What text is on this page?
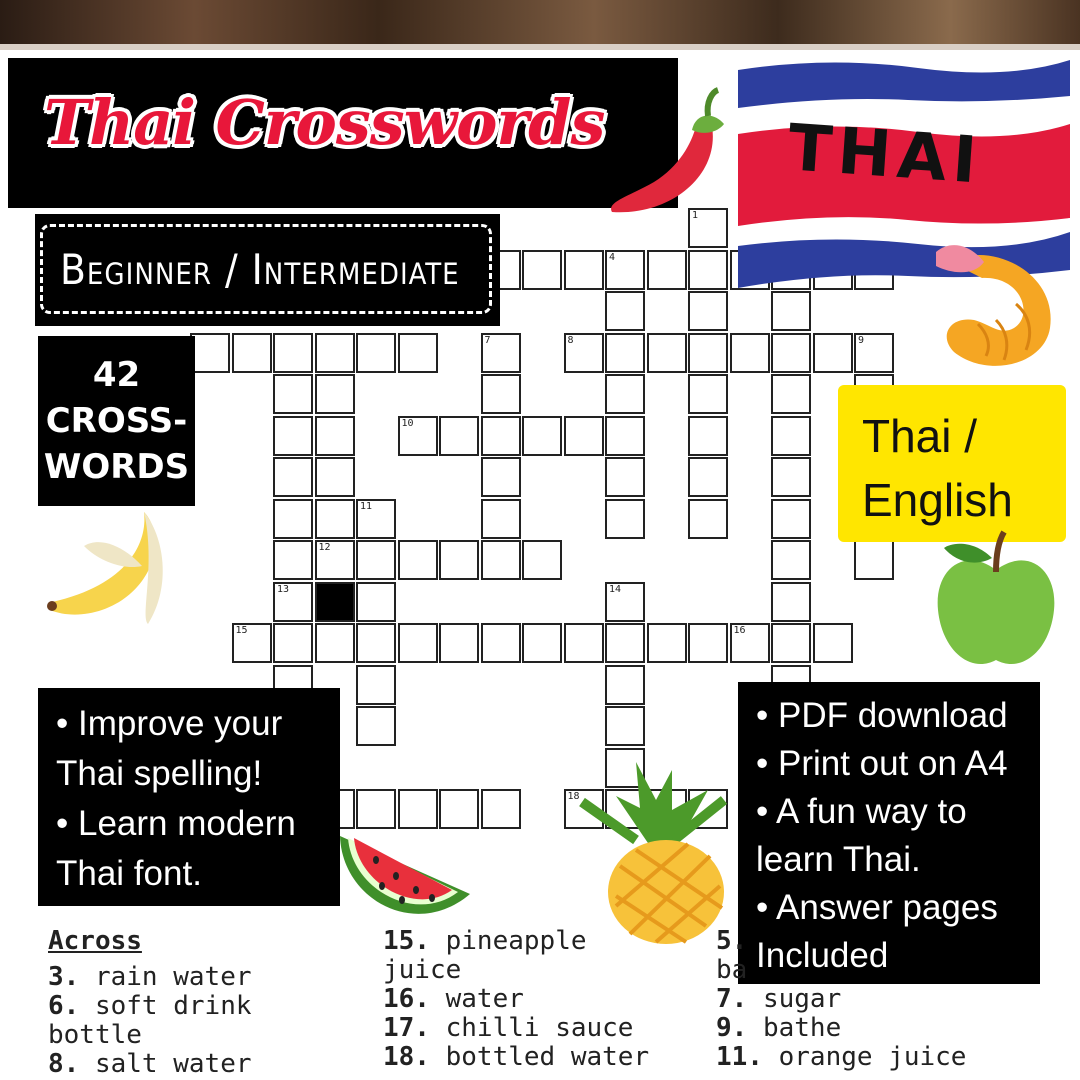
1
4
7	8	9
10
11
12
13	14
15	16
18
Thai Crosswords
Beginner / Intermediate
42
CROSS-
WORDS
THAI
Thai /
English
• Improve your
Thai spelling!
• Learn modern
Thai font.
• PDF download
• Print out on A4
• A fun way to
learn Thai.
• Answer pages
Included
Across
3. rain water
6. soft drink
bottle
8. salt water
15. pineapple
juice
16. water
17. chilli sauce
18. bottled water
5.
ba
7. sugar
9. bathe
11. orange juice
